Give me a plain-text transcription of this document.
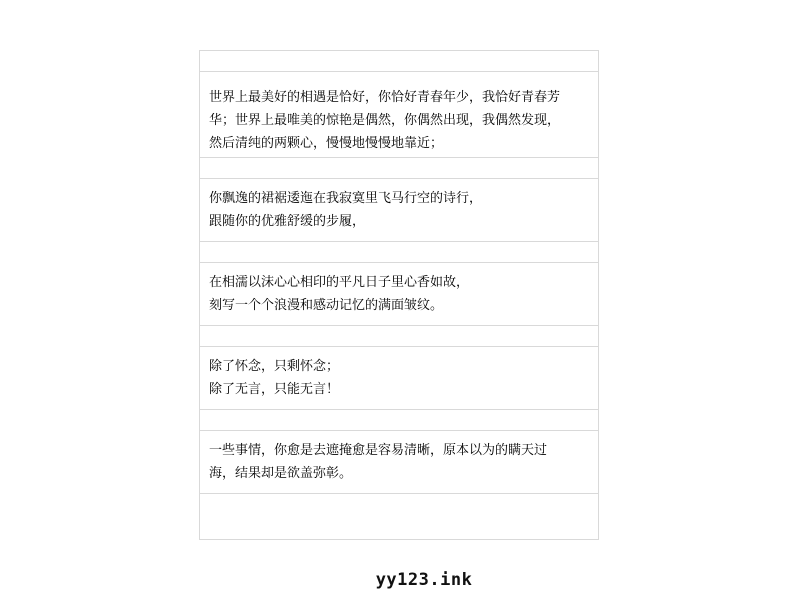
世界上最美好的相遇是恰好，你恰好青春年少，我恰好青春芳
华；世界上最唯美的惊艳是偶然，你偶然出现，我偶然发现，
然后清纯的两颗心，慢慢地慢慢地靠近；
你飘逸的裙裾逶迤在我寂寞里飞马行空的诗行，
跟随你的优雅舒缓的步履，
在相濡以沫心心相印的平凡日子里心香如故，
刻写一个个浪漫和感动记忆的满面皱纹。
除了怀念，只剩怀念；
除了无言，只能无言！
一些事情，你愈是去遮掩愈是容易清晰，原本以为的瞒天过
海，结果却是欲盖弥彰。
yy123.ink
